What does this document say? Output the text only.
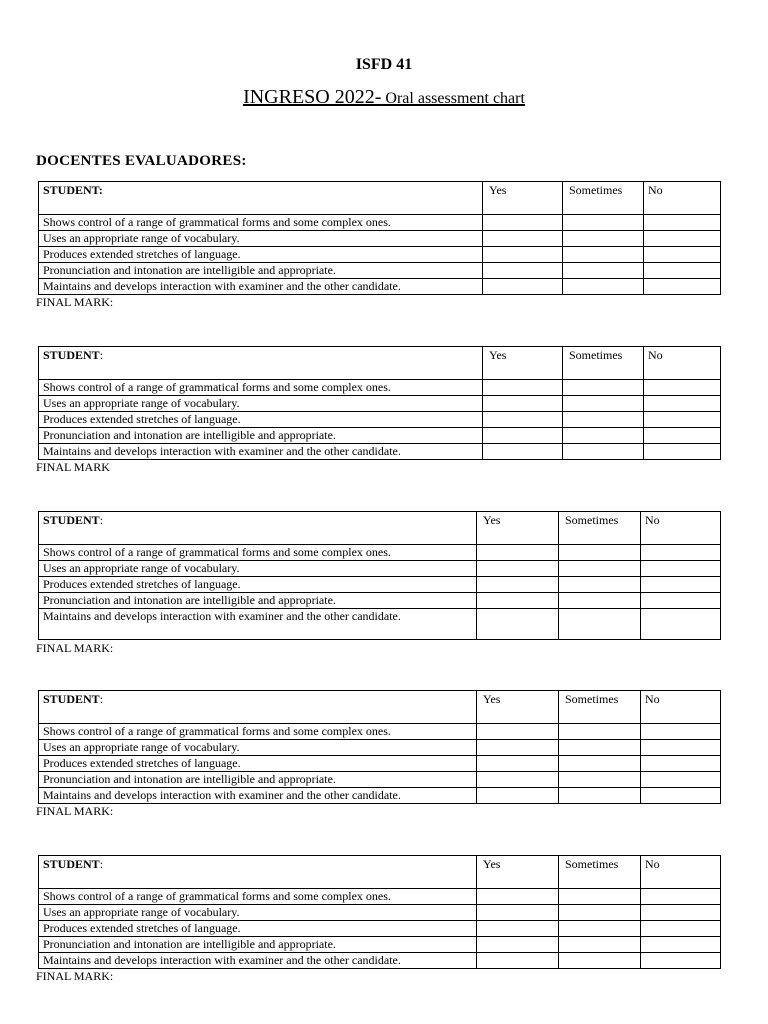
ISFD 41
INGRESO 2022- Oral assessment chart
DOCENTES EVALUADORES:
STUDENT:	Yes	Sometimes	No
Shows control of a range of grammatical forms and some complex ones.			
Uses an appropriate range of vocabulary.			
Produces extended stretches of language.			
Pronunciation and intonation are intelligible and appropriate.			
Maintains and develops interaction with examiner and the other candidate.			
FINAL MARK:
STUDENT:	Yes	Sometimes	No
Shows control of a range of grammatical forms and some complex ones.			
Uses an appropriate range of vocabulary.			
Produces extended stretches of language.			
Pronunciation and intonation are intelligible and appropriate.			
Maintains and develops interaction with examiner and the other candidate.			
FINAL MARK
STUDENT:	Yes	Sometimes	No
Shows control of a range of grammatical forms and some complex ones.			
Uses an appropriate range of vocabulary.			
Produces extended stretches of language.			
Pronunciation and intonation are intelligible and appropriate.			
Maintains and develops interaction with examiner and the other candidate.			
FINAL MARK:
STUDENT:	Yes	Sometimes	No
Shows control of a range of grammatical forms and some complex ones.			
Uses an appropriate range of vocabulary.			
Produces extended stretches of language.			
Pronunciation and intonation are intelligible and appropriate.			
Maintains and develops interaction with examiner and the other candidate.			
FINAL MARK:
STUDENT:	Yes	Sometimes	No
Shows control of a range of grammatical forms and some complex ones.			
Uses an appropriate range of vocabulary.			
Produces extended stretches of language.			
Pronunciation and intonation are intelligible and appropriate.			
Maintains and develops interaction with examiner and the other candidate.			
FINAL MARK:
